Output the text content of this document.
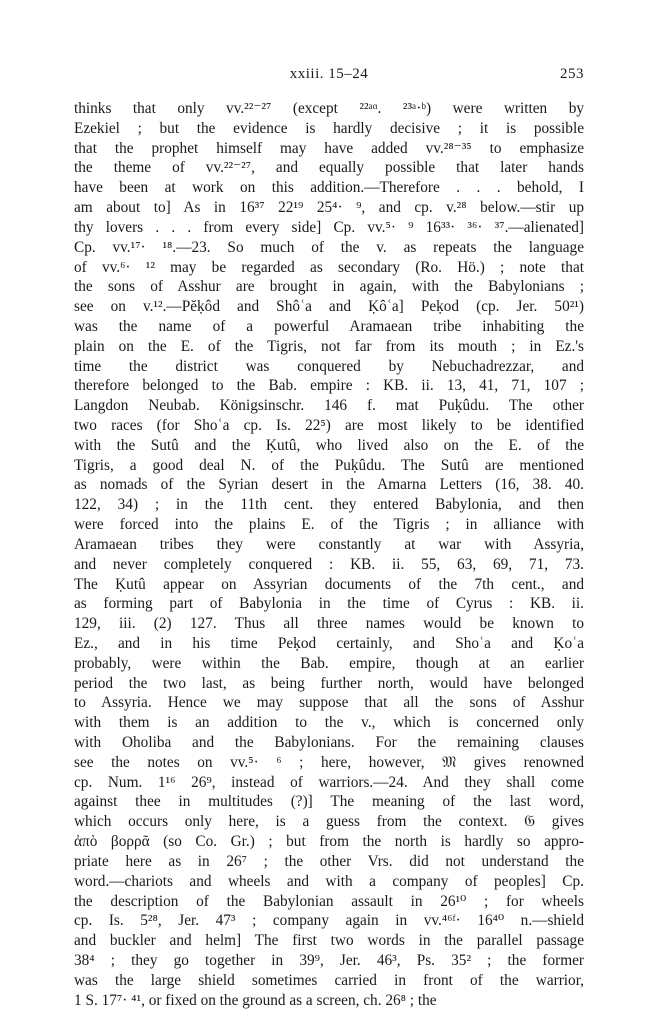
xxiii. 15–24	253
thinks that only vv.²²⁻²⁷ (except ²²ᵃᵅ. ²³ᵃ·ᵇ) were written by
Ezekiel ; but the evidence is hardly decisive ; it is possible
that the prophet himself may have added vv.²⁸⁻³⁵ to emphasize
the theme of vv.²²⁻²⁷, and equally possible that later hands
have been at work on this addition.—Therefore . . . behold, I
am about to] As in 16³⁷ 22¹⁹ 25⁴· ⁹, and cp. v.²⁸ below.—stir up
thy lovers . . . from every side] Cp. vv.⁵· ⁹ 16³³· ³⁶· ³⁷.—alienated]
Cp. vv.¹⁷· ¹⁸.—23. So much of the v. as repeats the language
of vv.⁶· ¹² may be regarded as secondary (Ro. Hö.) ; note that
the sons of Asshur are brought in again, with the Babylonians ;
see on v.¹².—Pĕḳôd and Shôʿa and Ḳôʿa] Peḳod (cp. Jer. 50²¹)
was the name of a powerful Aramaean tribe inhabiting the
plain on the E. of the Tigris, not far from its mouth ; in Ez.'s
time the district was conquered by Nebuchadrezzar, and
therefore belonged to the Bab. empire : KB. ii. 13, 41, 71, 107 ;
Langdon Neubab. Königsinschr. 146 f. mat Puḳûdu. The other
two races (for Shoʿa cp. Is. 22⁵) are most likely to be identified
with the Sutû and the Ḳutû, who lived also on the E. of the
Tigris, a good deal N. of the Puḳûdu. The Sutû are mentioned
as nomads of the Syrian desert in the Amarna Letters (16, 38. 40.
122, 34) ; in the 11th cent. they entered Babylonia, and then
were forced into the plains E. of the Tigris ; in alliance with
Aramaean tribes they were constantly at war with Assyria,
and never completely conquered : KB. ii. 55, 63, 69, 71, 73.
The Ḳutû appear on Assyrian documents of the 7th cent., and
as forming part of Babylonia in the time of Cyrus : KB. ii.
129, iii. (2) 127. Thus all three names would be known to
Ez., and in his time Peḳod certainly, and Shoʿa and Ḳoʿa
probably, were within the Bab. empire, though at an earlier
period the two last, as being further north, would have belonged
to Assyria. Hence we may suppose that all the sons of Asshur
with them is an addition to the v., which is concerned only
with Oholiba and the Babylonians. For the remaining clauses
see the notes on vv.⁵· ⁶ ; here, however, 𝔐 gives renowned
cp. Num. 1¹⁶ 26⁹, instead of warriors.—24. And they shall come
against thee in multitudes (?)] The meaning of the last word,
which occurs only here, is a guess from the context. 𝔊 gives
ἀπὸ βορρᾶ (so Co. Gr.) ; but from the north is hardly so appro-
priate here as in 26⁷ ; the other Vrs. did not understand the
word.—chariots and wheels and with a company of peoples] Cp.
the description of the Babylonian assault in 26¹⁰ ; for wheels
cp. Is. 5²⁸, Jer. 47³ ; company again in vv.⁴⁶ᶠ· 16⁴⁰ n.—shield
and buckler and helm] The first two words in the parallel passage
38⁴ ; they go together in 39⁹, Jer. 46³, Ps. 35² ; the former
was the large shield sometimes carried in front of the warrior,
1 S. 17⁷· ⁴¹, or fixed on the ground as a screen, ch. 26⁸ ; the
